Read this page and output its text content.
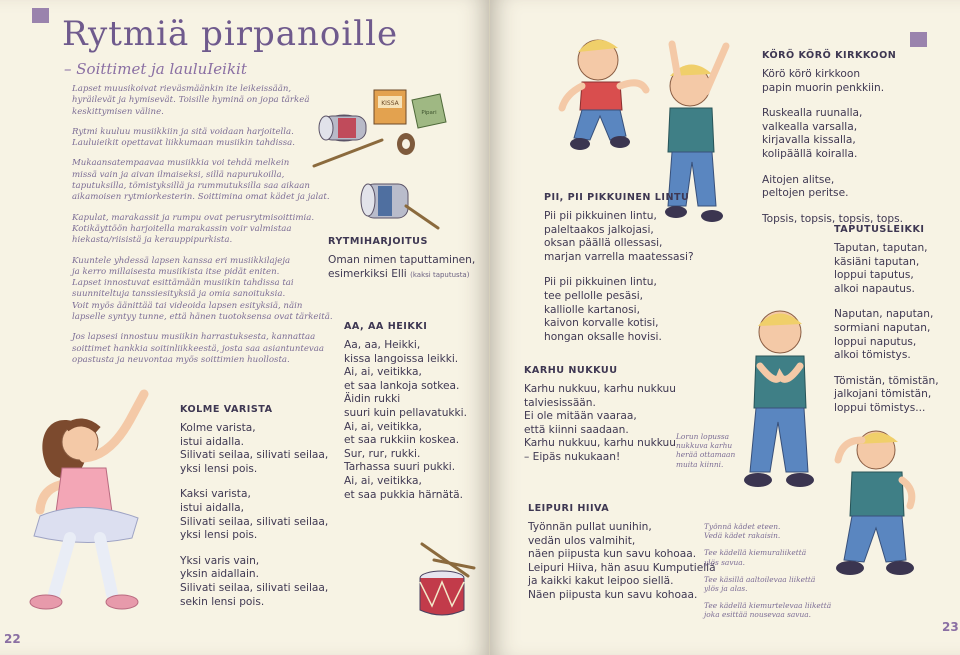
Rytmiä pirpanoille
– Soittimet ja lauluIeikit

Lapset muusikoivat rieväsmäänkin ite leikeissään,
hyräilevät ja hymisevät. Toisille hyminä on jopa tärkeä
keskittymisen väline.

Rytmi kuuluu musiikkiin ja sitä voidaan harjoitella.
Lauluieikit opettavat liikkumaan musiikin tahdissa.

Mukaansatempaavaa musiikkia voi tehdä melkein
missä vain ja aivan ilmaiseksi, sillä napurukoilla,
taputuksilla, tömistyksillä ja rummutuksilla saa aikaan
aikamoisen rytmiorkesterin. Soittimina omat kädet ja jalat.

Kapulat, marakassit ja rumpu ovat perusrytmisoittimia.
Kotikäyttöön harjoitella marakassin voir valmistaa
hiekasta/riisistä ja kerauppipurkista.

Kuuntele yhdessä lapsen kanssa eri musiikkilajeja
ja kerro millaisesta musiikista itse pidät eniten.
Lapset innostuvat esittämään musiikin tahdissa tai
suunniteltuja tanssiesityksiä ja omia sanoituksia.
Voit myös äänittää tai videoida lapsen esityksiä, näin
lapselle syntyy tunne, että hänen tuotoksensa ovat tärkeitä.

Jos lapsesi innostuu musiikin harrastuksesta, kannattaa
soittimet hankkia soitinliikkeestä, josta saa asiantuntevaa
opastusta ja neuvontaa myös soittimien huollosta.

KISSA
Pipari
RYTMIHARJOITUS
Oman nimen taputtaminen,
esimerkiksi Elli (kaksi taputusta)
AA, AA HEIKKI
Aa, aa, Heikki,
kissa langoissa leikki.
Ai, ai, veitikka,
et saa lankoja sotkea.
Äidin rukki
suuri kuin pellavatukki.
Ai, ai, veitikka,
et saa rukkiin koskea.
Sur, rur, rukki.
Tarhassa suuri pukki.
Ai, ai, veitikka,
et saa pukkia härnätä.
KOLME VARISTA
Kolme varista,
istui aidalla.
Silivati seilaa, silivati seilaa,
yksi lensi pois.
Kaksi varista,
istui aidalla,
Silivati seilaa, silivati seilaa,
yksi lensi pois.
Yksi varis vain,
yksin aidallain.
Silivati seilaa, silivati seilaa,
sekin lensi pois.
22
KÖRÖ KÖRÖ KIRKKOON
Körö körö kirkkoon
papin muorin penkkiin.
Ruskealla ruunalla,
valkealla varsalla,
kirjavalla kissalla,
kolipäällä koiralla.
Aitojen alitse,
peltojen peritse.
Topsis, topsis, topsis, tops.
PII, PII PIKKUINEN LINTU
Pii pii pikkuinen lintu,
paleltaakos jalkojasi,
oksan päällä ollessasi,
marjan varrella maatessasi?
Pii pii pikkuinen lintu,
tee pellolle pesäsi,
kalliolle kartanosi,
kaivon korvalle kotisi,
hongan oksalle hovisi.
TAPUTUSLEIKKI
Taputan, taputan,
käsiäni taputan,
loppui taputus,
alkoi napautus.
Naputan, naputan,
sormiani naputan,
loppui naputus,
alkoi tömistys.
Tömistän, tömistän,
jalkojani tömistän,
loppui tömistys...
KARHU NUKKUU
Karhu nukkuu, karhu nukkuu
talviesissään.
Ei ole mitään vaaraa,
että kiinni saadaan.
Karhu nukkuu, karhu nukkuu
– Eipäs nukukaan!
Lorun lopussa
nukkuva karhu
herää ottamaan
muita kiinni.
LEIPURI HIIVA
Työnnän pullat uunihin,
vedän ulos valmihit,
näen piipusta kun savu kohoaa.
Leipuri Hiiva, hän asuu Kumputiellä
ja kaikki kakut leipoo siellä.
Näen piipusta kun savu kohoaa.
Työnnä kädet eteen.
Vedä kädet rakaisin.
Tee kädellä kiemuraliikettä
ylös savua.
Tee käsillä aaltoilevaa liikettä
ylös ja alas.
Tee kädellä kiemurtelevaa liikettä
joka esittää nousevaa savua.
23
